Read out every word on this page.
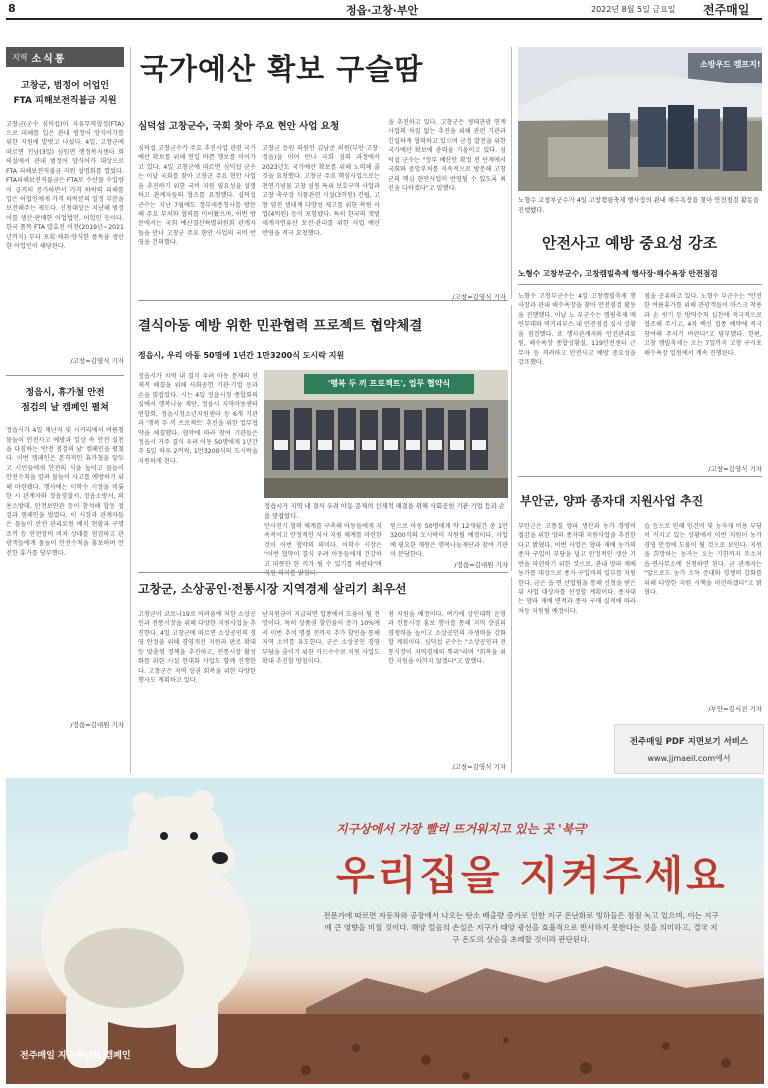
8	정읍·고창·부안	2022년 8월 5일 금요일 전주매일
지역 소식통
고창군, 범정어 어업인
FTA 피해보전직불금 지원
고창군(군수 심덕섭)이 자유무역협정(FTA) 으로 피해를 입은 관내 범정어 양식어가를 위한 지원에 발벗고 나섰다. 4일, 고창군에 따르면 진남(3일) 심원면 행정복지센터 회의실에서 관내 범정어 양식어가 대상으로 FTA 피해보전직불금 지원 설명회를 열었다. FTA피해보전직불금은 FTA로 수산물 수입량이 급격히 증가하면서 가격 하락의 피해를 입은 어업인에게 가격 하락분의 일정 부분을 보전해주는 제도다. 신청대상은 지난해 범정어를 생산·판매한 어업법인, 어업인 등이다. 한국 품목 FTA 발효전 이전(2019년~2021년까지) 부터 포획·채취·양식한 품목을 생산한 어업인이 해당된다.
/고창=김영식 기자
정읍시, 휴가철 안전
점검의 날 캠페인 펼쳐
정읍시가 4일 재난지 및 시커리에서 여름철 물놀이 안전사고 예방과 일상 속 안전 실천 을 다짐하는 '안전 점검의 날' 캠페인을 펼쳤다. 이번 캠페인은 본격적인 휴가철을 앞두고 시민들에게 안전의 식을 높이고 물놀이 안전수칙을 알려 물놀이 사고를 예방하기 위해 마련됐다. 행사에는 이학수 시장을 비롯한 시 관계자와 정읍경찰서, 정읍소방서, 의용소방대, 안전보안관 등이 참석해 합동 점검과 캠페인을 벌였다. 이 시장과 관계자들은 물놀이 안전 관리요원 배치 현황과 구명조끼 등 안전장비 비치 상태를 점검하고 관광객들에게 물놀이 안전수칙을 홍보하며 안전한 휴가를 당부했다.
/정읍=김대원 기자
국가예산 확보 구슬땀
심덕섭 고창군수, 국회 찾아 주요 현안 사업 요청
심덕섭 고창군수가 주요 추진사업 관련 국가예산 확보를 위해 연일 바쁜 행보를 이어가고 있다. 4일 고창군에 따르면 심덕섭 군수는 이날 국회를 찾아 고창군 주요 현안 사업을 추진하기 위한 국비 지원 필요성을 설명하고 관계자들의 협조를 요청했다. 심덕섭 군수는 지난 7월에도 정부세종청사를 방문해 주요 부처와 협의를 이어왔으며, 이번 방문에서는 국회 예산결산특별위원회 관계자들을 만나 고창군 주요 현안 사업의 국비 반영을 건의했다.
고창군 등원 의원인 김남준 의원(부안·고창·정읍)을 이어 만나 국회 심의 과정에서 2023년도 국가예산 확보를 위해 노력해 줄 것을 요청했다. 고창군 주요 핵심사업으로는 천연기념물 고창 심원 특위 보호구역 사업과 고창 축구장 식품관련 시설(3억원) 건립, 고창 염전 생태계 다양성 제고를 위한 복원 사업(4억원) 등이 포함됐다. 특히 한국의 갯벌 세계자연유산 보전·관리를 위한 사업 예산 반영을 적극 요청했다.
을 추진하고 있다. 고창군은 생태관광 연계사업의 차질 없는 추진을 위해 관련 기관과 긴밀하게 협력하고 있으며 군정 발전을 위한 국가예산 확보에 총력을 기울이고 있다. 심덕섭 군수는 "정부 예산안 확정 전 단계에서 국회와 중앙부처를 지속적으로 방문해 고창군의 핵심 현안사업이 반영될 수 있도록 최선을 다하겠다"고 말했다.
/고창=김영식 기자
소방우드 캠프지!
노형수 고창부군수가 4일 고창캠핑축제 행사장의 관내 해수욕장을 찾아 안전점검 활동을 진행했다.
안전사고 예방 중요성 강조
노형수 고창부군수, 고창캠빌축제 행사장·해수욕장 안전점검
노형수 고창부군수는 4일 고창캠빌축제 행사장과 관내 해수욕장을 찾아 안전점검 활동을 진행했다. 이날 노 부군수는 캠핑축제 메인무대와 먹거리부스 내 안전점검 실시 상황을 점검했다. 또 행사관계자와 안전관리요원, 해수욕장 종합상황실, 119안전센터 근무자 등 격려하고 안전사고 예방 중요성을 강조했다.
점을 공유하고 있다. 노형수 부군수는 "안전한 여름휴가를 위해 관광객들이 마스크 착용과 손 씻기 등 방역수칙 실천에 적극적으로 협조해 주시고, 4차 백신 접종 예약에 적극 참여해 주시기 바란다"고 당부했다. 한편, 고창 캠빌축제는 오는 7일까지 고창 구시포 해수욕장 일원에서 계속 진행된다.
/고창=김영식 기자
결식아동 예방 위한 민관협력 프로젝트 협약체결
정읍시, 우리 아동 50명에 1년간 1만3200식 도시락 지원
정읍시가 지역 내 결식 우려 아동 문제의 선제적 해결을 위해 사회공헌 기관·기업 등과 손을 맞잡았다. 시는 4일 정읍시청 종합회의실에서 행복나눔 재단, 정읍시 지역아동센터 연합회, 정읍시청소년지원센터 등 6개 기관과 '행복 두 끼 프로젝트' 추진을 위한 업무협약을 체결했다. 협약에 따라 참여 기관들은 정읍시 거주 결식 우려 아동 50명에게 1년간 주 5일 하루 2끼씩, 1만3200식의 도시락을 지원하게 된다.
'행복 두 끼 프로젝트', 업무 협약식
정읍시가 지역 내 결식 우려 아동 문제의 선제적 해결을 위해 사회공헌 기관·기업 등과 손을 맞잡았다.
만사천기 협력 체계를 구축해 아동들에게 지속적이고 안정적인 식사 지원 체계를 마련한 것이 이번 협약의 의미다. 이학수 시장은 "이번 협약이 결식 우려 아동들에게 건강하고 따뜻한 한 끼가 될 수 있기를 바란다"며 지원 의지를 밝혔다.
원으로 아동 50명에게 약 12개월간 총 1만3200식의 도시락이 지원될 예정이다. 사업에 필요한 재원은 행복나눔재단과 참여 기관이 분담한다.
/정읍=김대원 기자
부안군, 양파 종자대 지원사업 추진
부안군은 고품질 양파 생산과 농가 경영비 절감을 위한 양파 종자대 지원사업을 추진한다고 밝혔다. 이번 사업은 양파 재배 농가의 종자 구입비 부담을 덜고 안정적인 생산 기반을 마련하기 위한 것으로, 관내 양파 재배 농가를 대상으로 종자 구입비의 일부를 지원한다. 군은 읍·면 산업팀을 통해 신청을 받은 뒤 사업 대상자를 선정할 계획이다. 종자대는 양파 재배 면적과 종자 구매 실적에 따라 차등 지원될 예정이다.
습 등으로 인해 인건비 및 농자재 비용 부담이 커지고 있는 상황에서 이번 지원이 농가 경영 안정에 도움이 될 것으로 보인다. 지원을 희망하는 농가는 오는 기한까지 주소지 읍·면사무소에 신청하면 된다. 군 관계자는 "앞으로도 농가 소득 증대와 경쟁력 강화를 위해 다양한 지원 시책을 마련하겠다"고 밝혔다.
/부안=김서진 기자
고창군, 소상공인·전통시장 지역경제 살리기 최우선
고창군이 코로나19로 어려움에 처한 소상공인과 전통시장을 위해 다양한 지원사업을 추진한다. 4일 고창군에 따르면 소상공인의 경영 안정을 위해 경영개선 지원과 판로 확대 등 맞춤형 정책을 추진하고, 전통시장 활성화를 위한 시설 현대화 사업도 함께 진행한다. 고창군은 지역 상권 회복을 위한 다양한 행사도 계획하고 있다.
난지원금이 지급되면 업종에서 도움이 될 전망이다. 특히 상품권 할인율이 증가 10%에서 이번 추석 명절 전까지 추가 할인을 통해 지역 소비를 유도한다. 군은 소상공인 경영 부담을 줄이기 위한 카드수수료 지원 사업도 확대 추진할 방침이다.
점 지원을 예정이다. 여기에 상인대학 운영과 전통시장 홍보 행사를 통해 지역 상권의 경쟁력을 높이고 소상공인의 자생력을 강화할 계획이다. 심덕섭 군수는 "소상공인과 전통시장이 지역경제의 뿌리"라며 "회복을 위한 지원을 아끼지 않겠다"고 말했다.
/고창=김영식 기자
전주매일 PDF 지면보기 서비스
www.jjmaeil.com에서
지구상에서 가장 빨리 뜨거워지고 있는 곳 '북극'
우리집을 지켜주세요
전문가에 따르면 자동차와 공장에서 나오는 탄소 배출량 증가로 인한 지구 온난화로 빙하들은 점점 녹고 있으며, 이는 지구에 큰 영향을 미칠 것이다. 해양 얼음의 손실은 지구가 태양 광선을 효율적으로 반사하지 못한다는 것을 의미하고, 결국 지구 온도의 상승을 초래할 것이라 판단된다.
전주매일 지구온난화 캠페인
